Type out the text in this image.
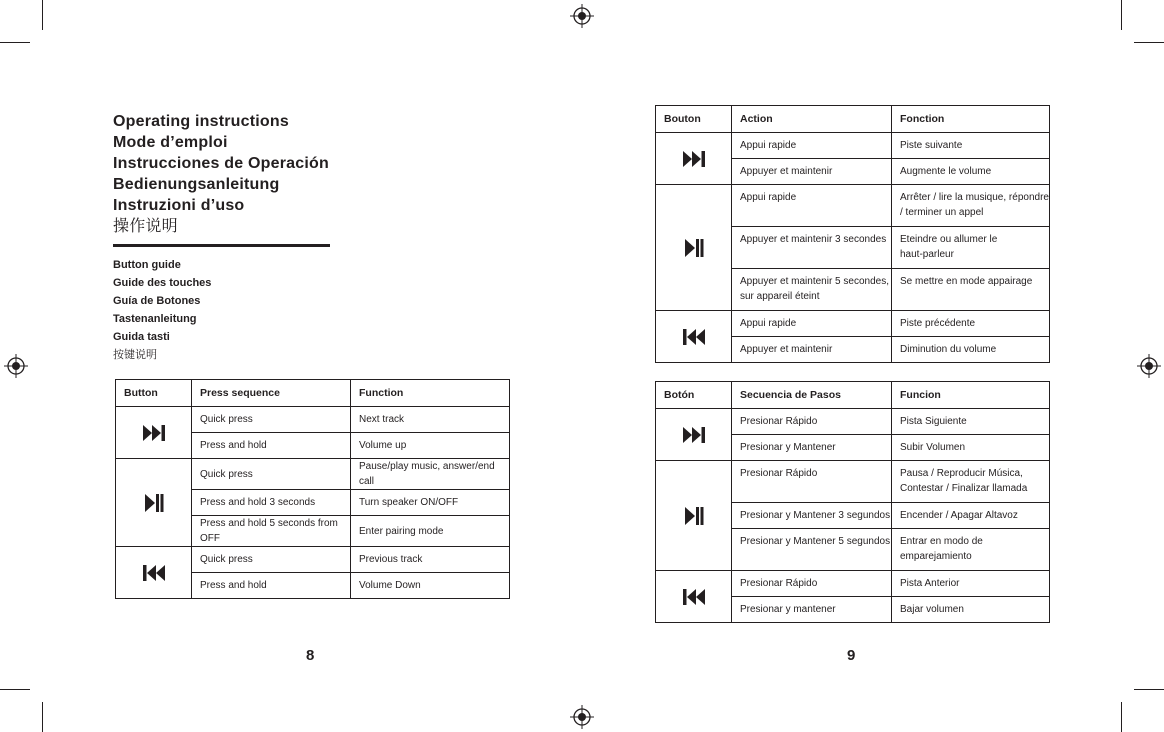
Operating instructions
Mode d’emploi
Instrucciones de Operación
Bedienungsanleitung
Instruzioni d’uso
操作说明
Button guide
Guide des touches
Guía de Botones
Tastenanleitung
Guida tasti
按键说明
Button	Press sequence	Function

	Quick press	Next track
	Press and hold	Volume up

	Quick press	Pause/play music, answer/end call
	Press and hold 3 seconds	Turn speaker ON/OFF
	Press and hold 5 seconds from OFF	Enter pairing mode

	Quick press	Previous track
	Press and hold	Volume Down
8
Bouton	Action	Fonction

	Appui rapide	Piste suivante
	Appuyer et maintenir	Augmente le volume

	Appui rapide	Arrêter / lire la musique, répondre / terminer un appel
	Appuyer et maintenir 3 secondes	Eteindre ou allumer le haut-parleur
	Appuyer et maintenir 5 secondes, sur appareil éteint	Se mettre en mode appairage

	Appui rapide	Piste précédente
	Appuyer et maintenir	Diminution du volume
Botón	Secuencia de Pasos	Funcion

	Presionar Rápido	Pista Siguiente
	Presionar y Mantener	Subir Volumen

	Presionar Rápido	Pausa / Reproducir Música, Contestar / Finalizar llamada
	Presionar y Mantener 3 segundos	Encender / Apagar Altavoz
	Presionar y Mantener 5 segundos	Entrar en modo de emparejamiento

	Presionar Rápido	Pista Anterior
	Presionar y mantener	Bajar volumen
9
